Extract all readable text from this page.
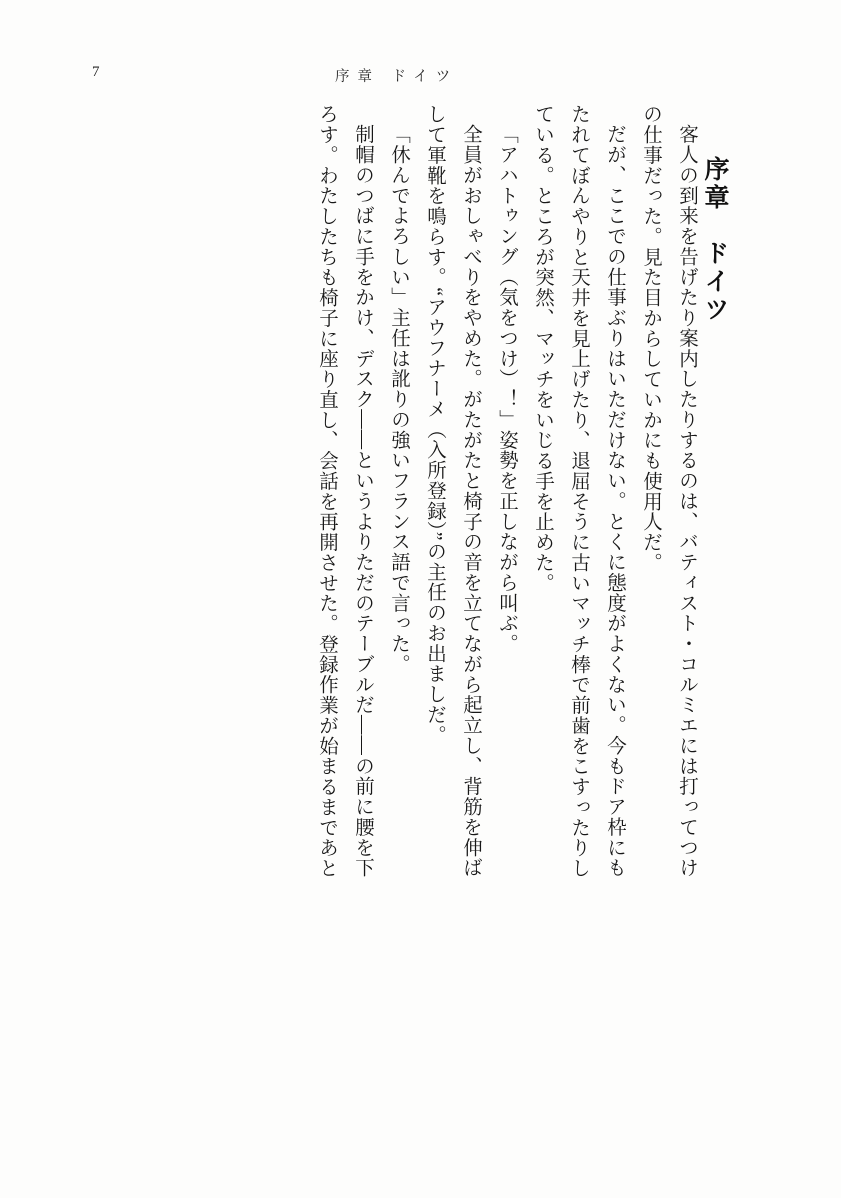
7	序章 ドイツ
序章　ドイツ
客人の到来を告げたり案内したりするのは、バティスト・コルミエには打ってつけ
の仕事だった。見た目からしていかにも使用人だ。
だが、ここでの仕事ぶりはいただけない。とくに態度がよくない。今もドア枠にも
たれてぼんやりと天井を見上げたり、退屈そうに古いマッチ棒で前歯をこすったりし
ている。ところが突然、マッチをいじる手を止めた。
「アハトゥング（気をつけ）！」姿勢を正しながら叫ぶ。
全員がおしゃべりをやめた。がたがたと椅子の音を立てながら起立し、背筋を伸ば
して軍靴を鳴らす。“アウフナーメ（入所登録）”の主任のお出ましだ。
「休んでよろしい」主任は訛りの強いフランス語で言った。
制帽のつばに手をかけ、デスク――というよりただのテーブルだ――の前に腰を下
ろす。わたしたちも椅子に座り直し、会話を再開させた。登録作業が始まるまであと
